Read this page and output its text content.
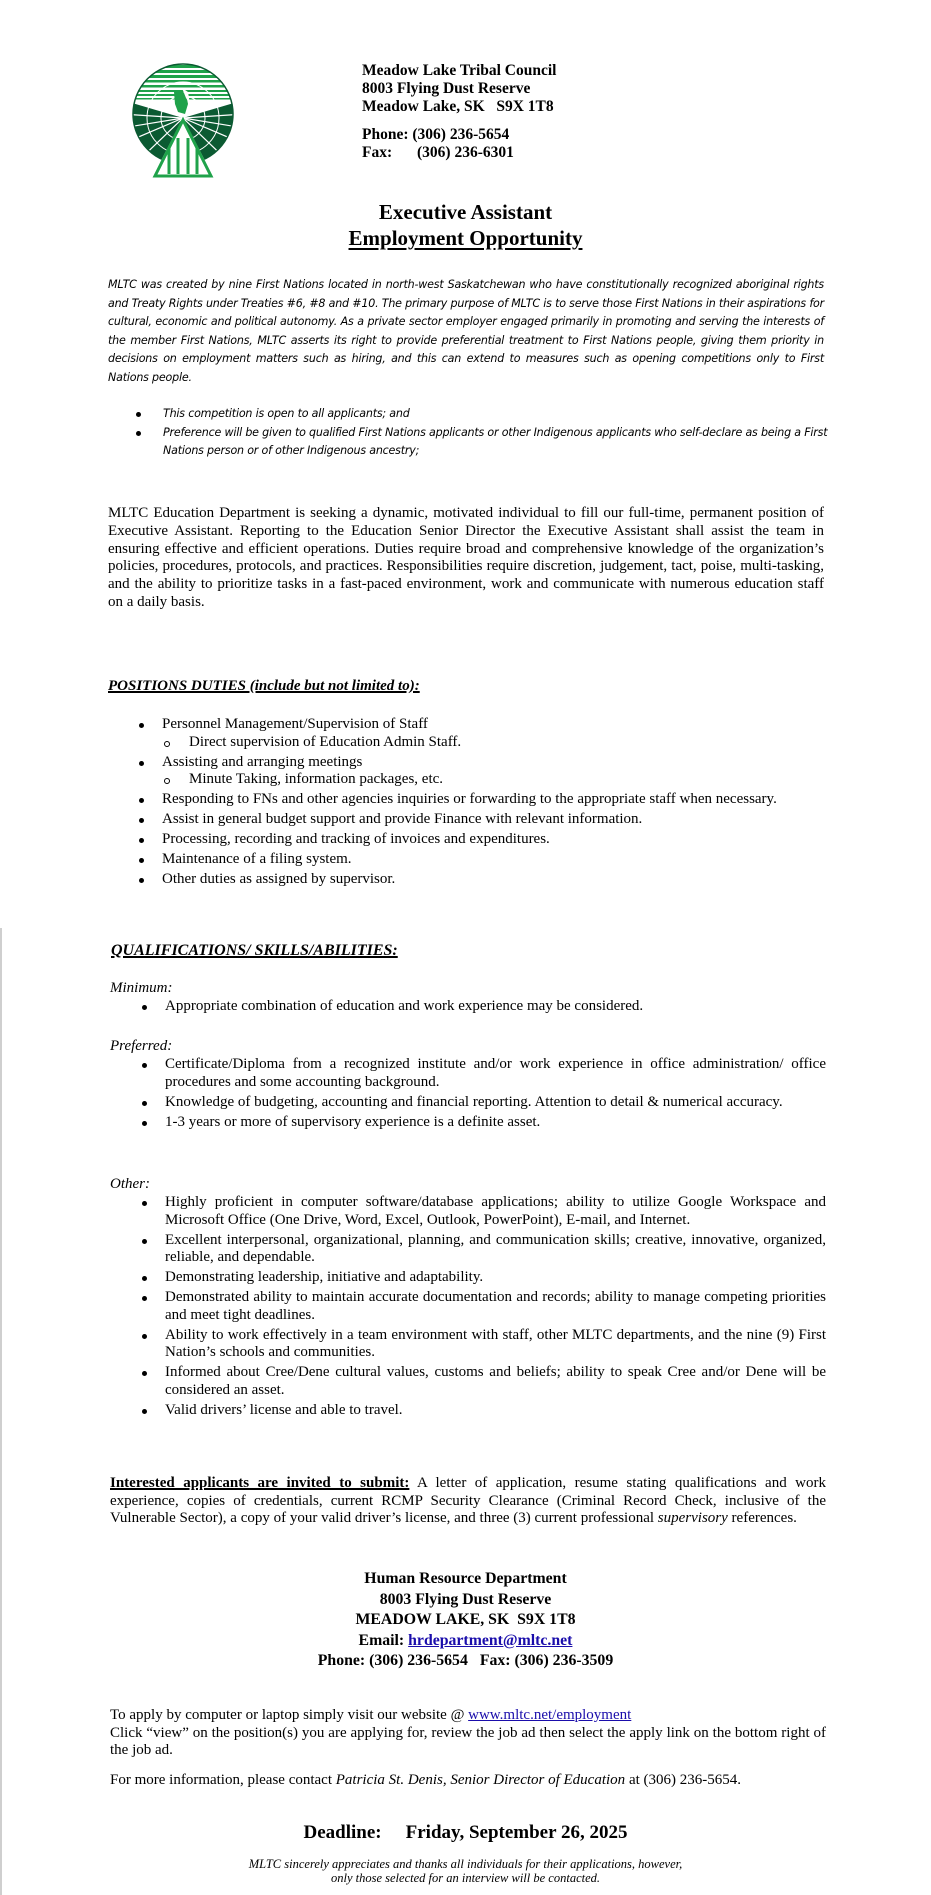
Meadow Lake Tribal Council
8003 Flying Dust Reserve
Meadow Lake, SK   S9X 1T8
Phone: (306) 236-5654
Fax: (306) 236-6301
Executive Assistant
Employment Opportunity
MLTC was created by nine First Nations located in north-west Saskatchewan who have constitutionally recognized aboriginal rights and Treaty Rights under Treaties #6, #8 and #10. The primary purpose of MLTC is to serve those First Nations in their aspirations for cultural, economic and political autonomy. As a private sector employer engaged primarily in promoting and serving the interests of the member First Nations, MLTC asserts its right to provide preferential treatment to First Nations people, giving them priority in decisions on employment matters such as hiring, and this can extend to measures such as opening competitions only to First Nations people.
This competition is open to all applicants; and
Preference will be given to qualified First Nations applicants or other Indigenous applicants who self-declare as being a First Nations person or of other Indigenous ancestry;
MLTC Education Department is seeking a dynamic, motivated individual to fill our full-time, permanent position of Executive Assistant. Reporting to the Education Senior Director the Executive Assistant shall assist the team in ensuring effective and efficient operations. Duties require broad and comprehensive knowledge of the organization’s policies, procedures, protocols, and practices. Responsibilities require discretion, judgement, tact, poise, multi-tasking, and the ability to prioritize tasks in a fast-paced environment, work and communicate with numerous education staff on a daily basis.
POSITIONS DUTIES (include but not limited to):
Personnel Management/Supervision of Staff
Direct supervision of Education Admin Staff.
Assisting and arranging meetings
Minute Taking, information packages, etc.
Responding to FNs and other agencies inquiries or forwarding to the appropriate staff when necessary.
Assist in general budget support and provide Finance with relevant information.
Processing, recording and tracking of invoices and expenditures.
Maintenance of a filing system.
Other duties as assigned by supervisor.
QUALIFICATIONS/ SKILLS/ABILITIES:
Minimum:
Appropriate combination of education and work experience may be considered.
Preferred:
Certificate/Diploma from a recognized institute and/or work experience in office administration/ office procedures and some accounting background.
Knowledge of budgeting, accounting and financial reporting. Attention to detail & numerical accuracy.
1-3 years or more of supervisory experience is a definite asset.
Other:
Highly proficient in computer software/database applications; ability to utilize Google Workspace and Microsoft Office (One Drive, Word, Excel, Outlook, PowerPoint), E-mail, and Internet.
Excellent interpersonal, organizational, planning, and communication skills; creative, innovative, organized, reliable, and dependable.
Demonstrating leadership, initiative and adaptability.
Demonstrated ability to maintain accurate documentation and records; ability to manage competing priorities and meet tight deadlines.
Ability to work effectively in a team environment with staff, other MLTC departments, and the nine (9) First Nation’s schools and communities.
Informed about Cree/Dene cultural values, customs and beliefs; ability to speak Cree and/or Dene will be considered an asset.
Valid drivers’ license and able to travel.
Interested applicants are invited to submit: A letter of application, resume stating qualifications and work experience, copies of credentials, current RCMP Security Clearance (Criminal Record Check, inclusive of the Vulnerable Sector), a copy of your valid driver’s license, and three (3) current professional supervisory references.
Human Resource Department
8003 Flying Dust Reserve
MEADOW LAKE, SK  S9X 1T8
Email: hrdepartment@mltc.net
Phone: (306) 236-5654 Fax: (306) 236-3509
To apply by computer or laptop simply visit our website @ www.mltc.net/employment
Click “view” on the position(s) you are applying for, review the job ad then select the apply link on the bottom right of the job ad.
For more information, please contact Patricia St. Denis, Senior Director of Education at (306) 236-5654.
Deadline: Friday, September 26, 2025
MLTC sincerely appreciates and thanks all individuals for their applications, however,
only those selected for an interview will be contacted.
